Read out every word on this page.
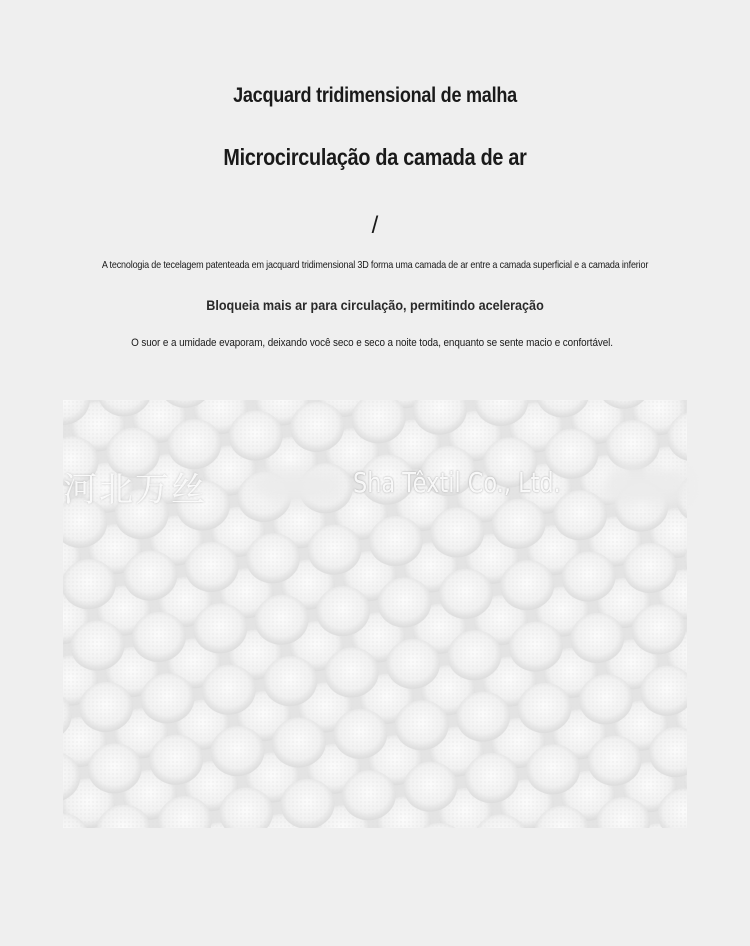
Jacquard tridimensional de malha
Microcirculação da camada de ar
/
A tecnologia de tecelagem patenteada em jacquard tridimensional 3D forma uma camada de ar entre a camada superficial e a camada inferior
Bloqueia mais ar para circulação, permitindo aceleração
O suor e a umidade evaporam, deixando você seco e seco a noite toda, enquanto se sente macio e confortável.
河北万丝	Sha Têxtil Co., Ltd.
